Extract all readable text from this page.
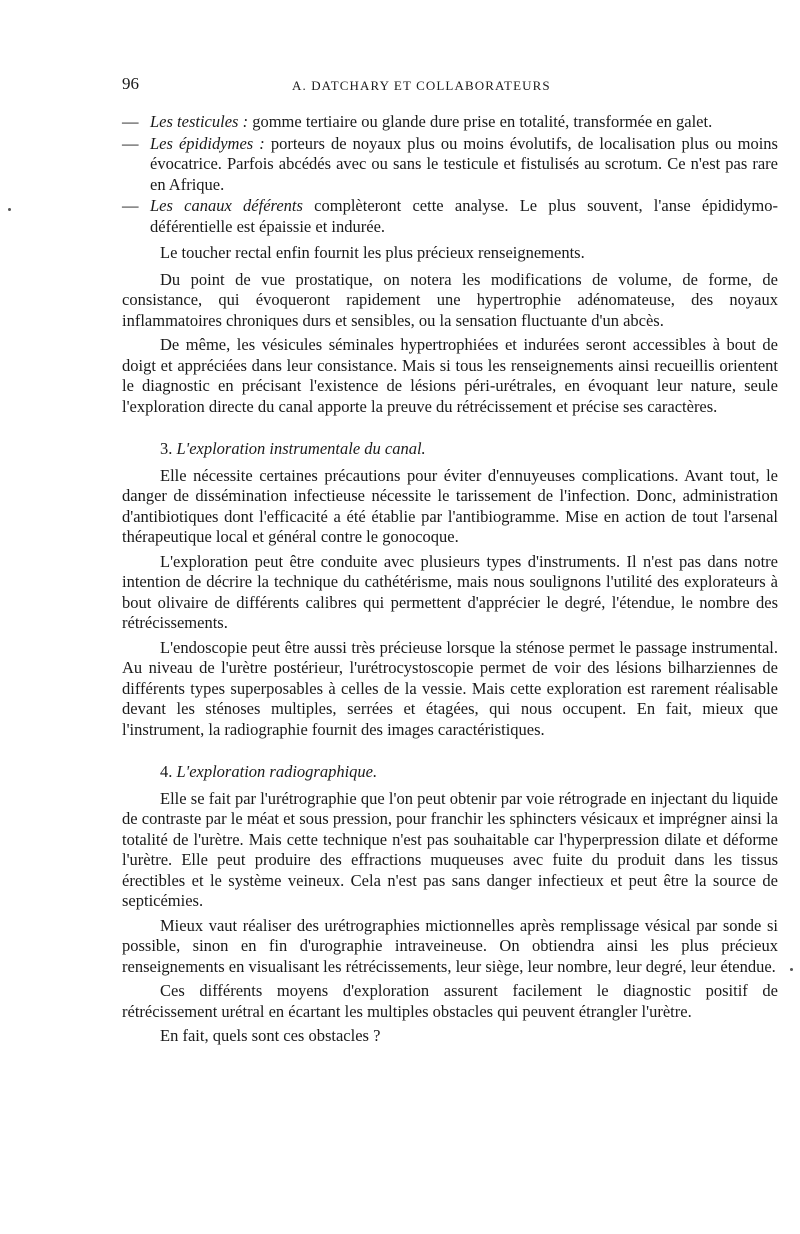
96	A. DATCHARY ET COLLABORATEURS
— Les testicules : gomme tertiaire ou glande dure prise en totalité, transformée en galet.
— Les épididymes : porteurs de noyaux plus ou moins évolutifs, de localisation plus ou moins évocatrice. Parfois abcédés avec ou sans le testicule et fistulisés au scrotum. Ce n'est pas rare en Afrique.
— Les canaux déférents complèteront cette analyse. Le plus souvent, l'anse épididymo-déférentielle est épaissie et indurée.

Le toucher rectal enfin fournit les plus précieux renseignements.

Du point de vue prostatique, on notera les modifications de volume, de forme, de consistance, qui évoqueront rapidement une hypertrophie adénomateuse, des noyaux inflammatoires chroniques durs et sensibles, ou la sensation fluctuante d'un abcès.

De même, les vésicules séminales hypertrophiées et indurées seront accessibles à bout de doigt et appréciées dans leur consistance. Mais si tous les renseignements ainsi recueillis orientent le diagnostic en précisant l'existence de lésions péri-urétrales, en évoquant leur nature, seule l'exploration directe du canal apporte la preuve du rétrécissement et précise ses caractères.

3. L'exploration instrumentale du canal.

Elle nécessite certaines précautions pour éviter d'ennuyeuses complications. Avant tout, le danger de dissémination infectieuse nécessite le tarissement de l'infection. Donc, administration d'antibiotiques dont l'efficacité a été établie par l'antibiogramme. Mise en action de tout l'arsenal thérapeutique local et général contre le gonocoque.

L'exploration peut être conduite avec plusieurs types d'instruments. Il n'est pas dans notre intention de décrire la technique du cathétérisme, mais nous soulignons l'utilité des explorateurs à bout olivaire de différents calibres qui permettent d'apprécier le degré, l'étendue, le nombre des rétrécissements.

L'endoscopie peut être aussi très précieuse lorsque la sténose permet le passage instrumental. Au niveau de l'urètre postérieur, l'urétrocystoscopie permet de voir des lésions bilharziennes de différents types superposables à celles de la vessie. Mais cette exploration est rarement réalisable devant les sténoses multiples, serrées et étagées, qui nous occupent. En fait, mieux que l'instrument, la radiographie fournit des images caractéristiques.

4. L'exploration radiographique.

Elle se fait par l'urétrographie que l'on peut obtenir par voie rétrograde en injectant du liquide de contraste par le méat et sous pression, pour franchir les sphincters vésicaux et imprégner ainsi la totalité de l'urètre. Mais cette technique n'est pas souhaitable car l'hyperpression dilate et déforme l'urètre. Elle peut produire des effractions muqueuses avec fuite du produit dans les tissus érectibles et le système veineux. Cela n'est pas sans danger infectieux et peut être la source de septicémies.

Mieux vaut réaliser des urétrographies mictionnelles après remplissage vésical par sonde si possible, sinon en fin d'urographie intraveineuse. On obtiendra ainsi les plus précieux renseignements en visualisant les rétrécissements, leur siège, leur nombre, leur degré, leur étendue.

Ces différents moyens d'exploration assurent facilement le diagnostic positif de rétrécissement urétral en écartant les multiples obstacles qui peuvent étrangler l'urètre.

En fait, quels sont ces obstacles ?
